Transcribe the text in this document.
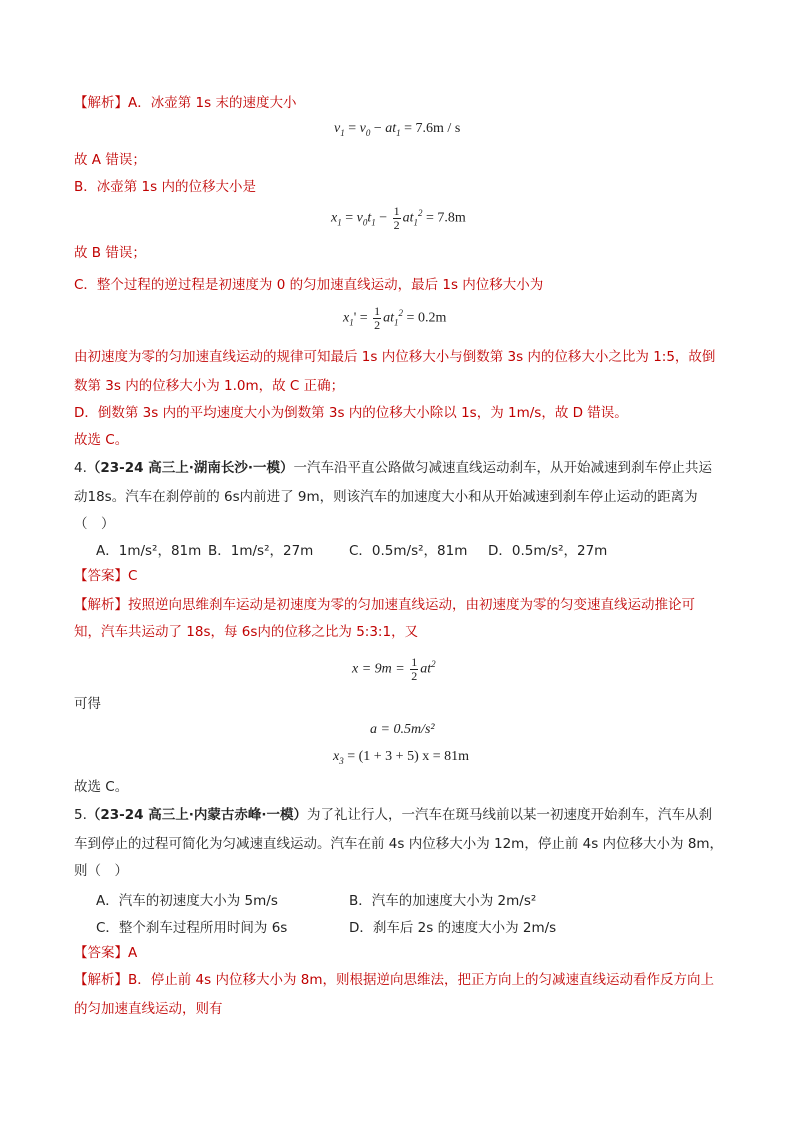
【解析】A．冰壶第 1s 末的速度大小
$v_1 = v_0 - at_1 = 7.6m / s$
故 A 错误；
B．冰壶第 1s 内的位移大小是
$x_1 = v_0t_1 - \frac{1}{2} at_1^2 = 7.8m$
故 B 错误；
C．整个过程的逆过程是初速度为 0 的匀加速直线运动，最后 1s 内位移大小为
$x_1' = \frac{1}{2} at_1^2 = 0.2m$
由初速度为零的匀加速直线运动的规律可知最后 1s 内位移大小与倒数第 3s 内的位移大小之比为 1:5，故倒
数第 3s 内的位移大小为 1.0m，故 C 正确；
D．倒数第 3s 内的平均速度大小为倒数第 3s 内的位移大小除以 1s，为 1m/s，故 D 错误。
故选 C。
4.（23-24 高三上·湖南长沙·一模）一汽车沿平直公路做匀减速直线运动刹车，从开始减速到刹车停止共运
动18s。汽车在刹停前的 6s内前进了 9m，则该汽车的加速度大小和从开始减速到刹车停止运动的距离为
（　）
A．1m/s²，81m B．1m/s²，27m	C．0.5m/s²，81m D．0.5m/s²，27m
【答案】C
【解析】按照逆向思维刹车运动是初速度为零的匀加速直线运动，由初速度为零的匀变速直线运动推论可
知，汽车共运动了 18s，每 6s内的位移之比为 5:3:1，又
$x = 9m = \frac{1}{2} at^2$
可得
a = 0.5m/s²
$x_3 = (1 + 3 + 5) x = 81m$
故选 C。
5.（23-24 高三上·内蒙古赤峰·一模）为了礼让行人，一汽车在斑马线前以某一初速度开始刹车，汽车从刹
车到停止的过程可简化为匀减速直线运动。汽车在前 4s 内位移大小为 12m，停止前 4s 内位移大小为 8m，
则（　）
A．汽车的初速度大小为 5m/s	B．汽车的加速度大小为 2m/s²
C．整个刹车过程所用时间为 6s	D．刹车后 2s 的速度大小为 2m/s
【答案】A
【解析】B．停止前 4s 内位移大小为 8m，则根据逆向思维法，把正方向上的匀减速直线运动看作反方向上
的匀加速直线运动，则有
